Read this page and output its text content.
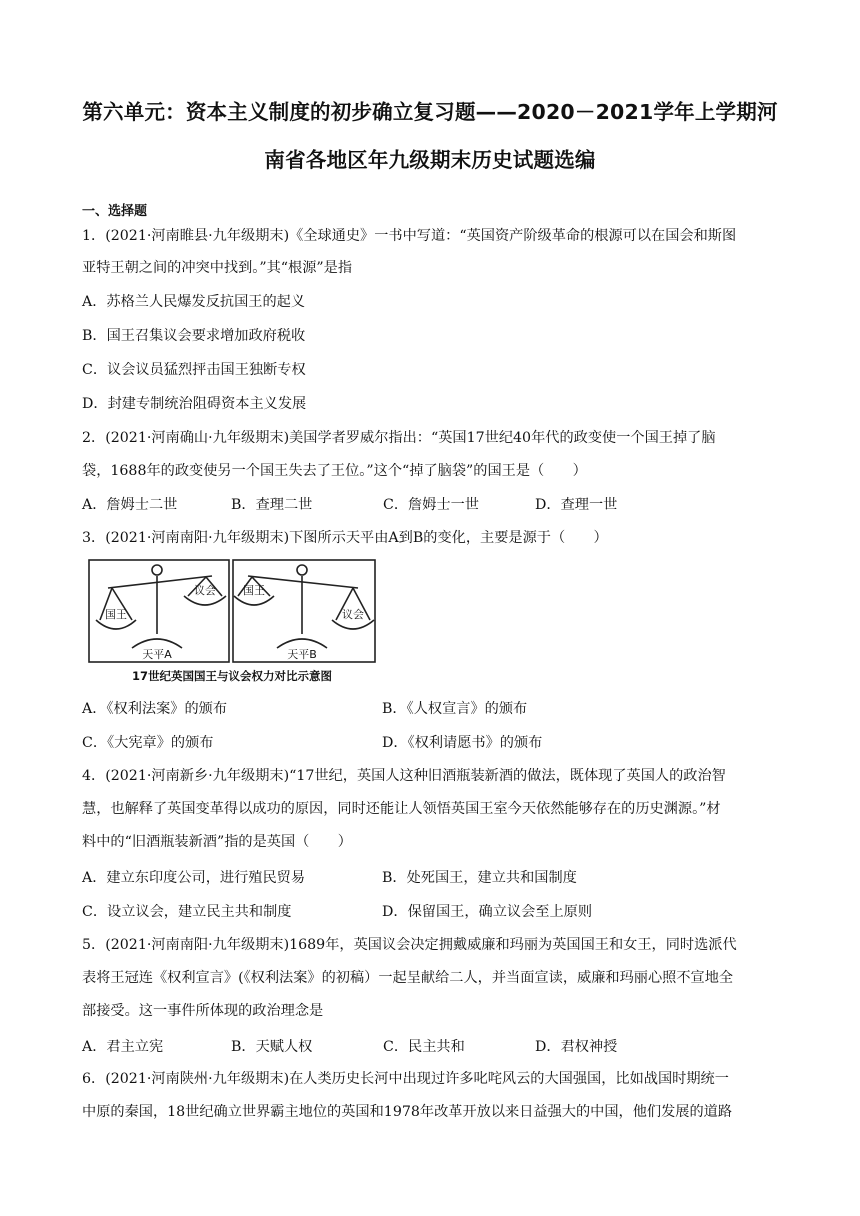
第六单元：资本主义制度的初步确立复习题——2020－2021学年上学期河
南省各地区年九级期末历史试题选编
一、选择题
1．(2021·河南睢县·九年级期末)《全球通史》一书中写道：“英国资产阶级革命的根源可以在国会和斯图
亚特王朝之间的冲突中找到。”其“根源”是指
A．苏格兰人民爆发反抗国王的起义
B．国王召集议会要求增加政府税收
C．议会议员猛烈抨击国王独断专权
D．封建专制统治阻碍资本主义发展
2．(2021·河南确山·九年级期末)美国学者罗威尔指出：“英国17世纪40年代的政变使一个国王掉了脑
袋，1688年的政变使另一个国王失去了王位。”这个“掉了脑袋”的国王是（　　）
A．詹姆士二世	B．查理二世	C．詹姆士一世	D．查理一世
3．(2021·河南南阳·九年级期末)下图所示天平由A到B的变化，主要是源于（　　）
国王
议会 国王
议会
天平A	天平B
17世纪英国国王与议会权力对比示意图
A．《权利法案》的颁布	B．《人权宣言》的颁布
C．《大宪章》的颁布	D．《权利请愿书》的颁布
4．(2021·河南新乡·九年级期末)“17世纪，英国人这种旧酒瓶装新酒的做法，既体现了英国人的政治智
慧，也解释了英国变革得以成功的原因，同时还能让人领悟英国王室今天依然能够存在的历史渊源。”材
料中的“旧酒瓶装新酒”指的是英国（　　）
A．建立东印度公司，进行殖民贸易	B．处死国王，建立共和国制度
C．设立议会，建立民主共和制度	D．保留国王，确立议会至上原则
5．(2021·河南南阳·九年级期末)1689年，英国议会决定拥戴威廉和玛丽为英国国王和女王，同时选派代
表将王冠连《权利宣言》(《权利法案》的初稿）一起呈献给二人，并当面宣读，威廉和玛丽心照不宣地全
部接受。这一事件所体现的政治理念是
A．君主立宪	B．天赋人权	C．民主共和	D．君权神授
6．(2021·河南陕州·九年级期末)在人类历史长河中出现过许多叱咤风云的大国强国，比如战国时期统一
中原的秦国，18世纪确立世界霸主地位的英国和1978年改革开放以来日益强大的中国，他们发展的道路
